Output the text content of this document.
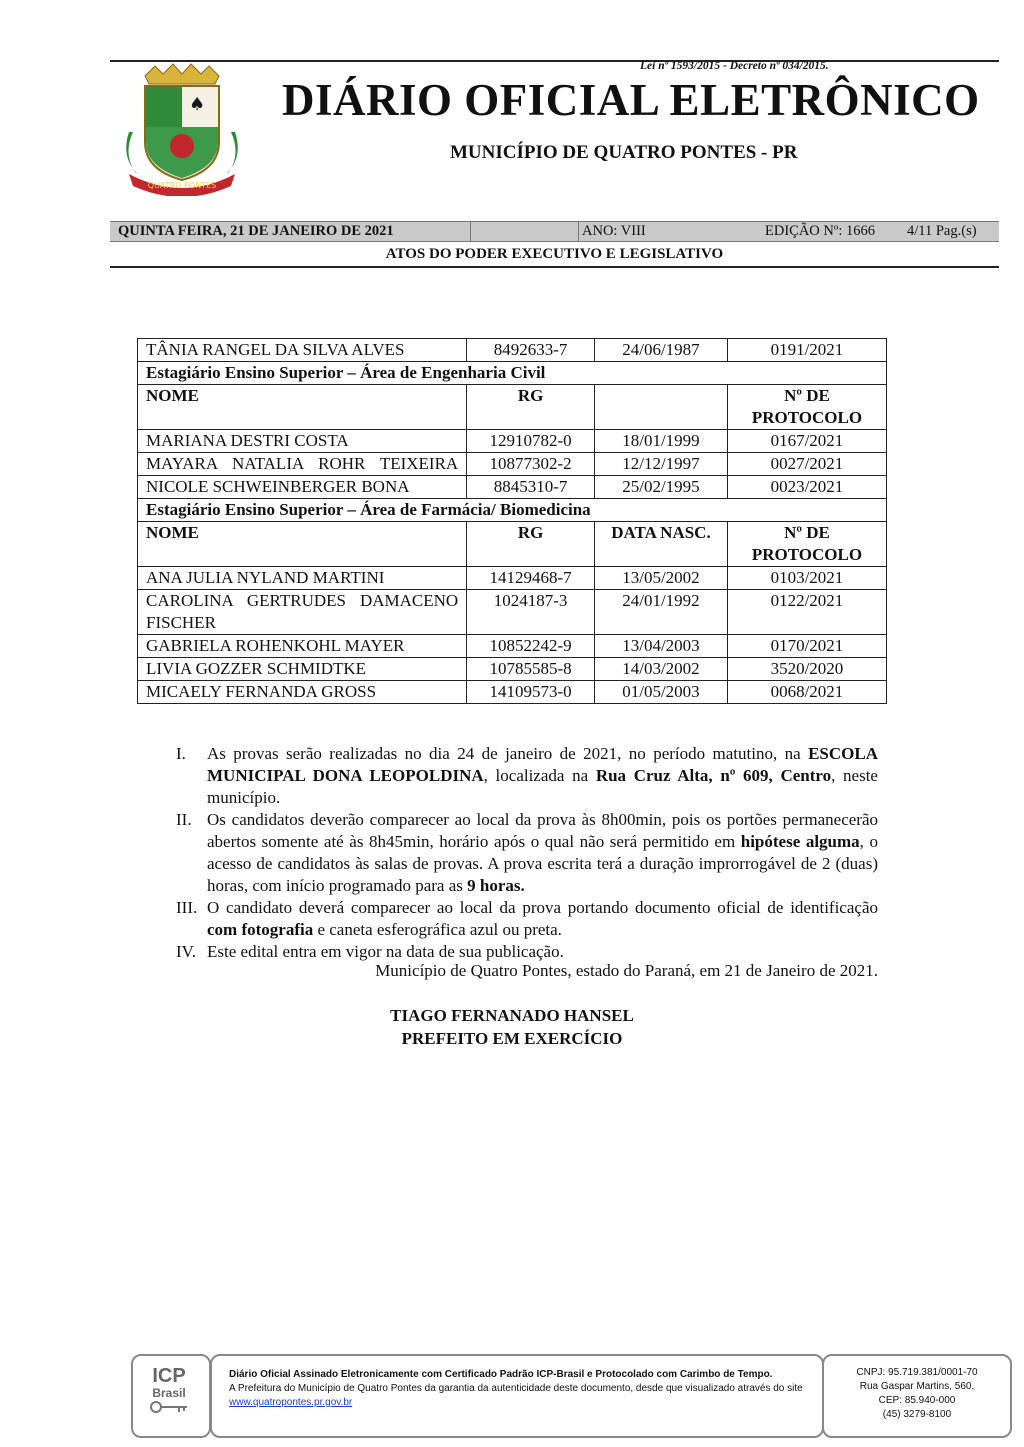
Lei nº 1593/2015 - Decreto nº 034/2015.
♠
QUATRO PONTES
DIÁRIO OFICIAL ELETRÔNICO
MUNICÍPIO DE QUATRO PONTES - PR
QUINTA FEIRA, 21 DE JANEIRO DE 2021	ANO: VIII	EDIÇÃO Nº: 1666 4/11 Pag.(s)
ATOS DO PODER EXECUTIVO E LEGISLATIVO
TÂNIA RANGEL DA SILVA ALVES	8492633-7	24/06/1987	0191/2021
Estagiário Ensino Superior – Área de Engenharia Civil			
NOME	RG		Nº DE PROTOCOLO
MARIANA DESTRI COSTA	12910782-0	18/01/1999	0167/2021
MAYARA NATALIA ROHR TEIXEIRA	10877302-2	12/12/1997	0027/2021
NICOLE SCHWEINBERGER BONA	8845310-7	25/02/1995	0023/2021
Estagiário Ensino Superior – Área de Farmácia/ Biomedicina			
NOME	RG	DATA NASC.	Nº DE PROTOCOLO
ANA JULIA NYLAND MARTINI	14129468-7	13/05/2002	0103/2021
CAROLINA GERTRUDES DAMACENO FISCHER	1024187-3	24/01/1992	0122/2021
GABRIELA ROHENKOHL MAYER	10852242-9	13/04/2003	0170/2021
LIVIA GOZZER SCHMIDTKE	10785585-8	14/03/2002	3520/2020
MICAELY FERNANDA GROSS	14109573-0	01/05/2003	0068/2021
I.	As provas serão realizadas no dia 24 de janeiro de 2021, no período matutino, na ESCOLA MUNICIPAL DONA LEOPOLDINA, localizada na Rua Cruz Alta, nº 609, Centro, neste município.
II. Os candidatos deverão comparecer ao local da prova às 8h00min, pois os portões permanecerão abertos somente até às 8h45min, horário após o qual não será permitido em hipótese alguma, o acesso de candidatos às salas de provas. A prova escrita terá a duração improrrogável de 2 (duas) horas, com início programado para as 9 horas.
III. O candidato deverá comparecer ao local da prova portando documento oficial de identificação com fotografia e caneta esferográfica azul ou preta.
IV. Este edital entra em vigor na data de sua publicação.
Município de Quatro Pontes, estado do Paraná, em 21 de Janeiro de 2021.
TIAGO FERNANADO HANSEL
PREFEITO EM EXERCÍCIO
ICP
Brasil
Diário Oficial Assinado Eletronicamente com Certificado Padrão ICP-Brasil e Protocolado com Carimbo de Tempo.
A Prefeitura do Município de Quatro Pontes da garantia da autenticidade deste documento, desde que visualizado através do site www.quatropontes.pr.gov.br
CNPJ: 95.719.381/0001-70
Rua Gaspar Martins, 560,
CEP: 85.940-000
(45) 3279-8100
